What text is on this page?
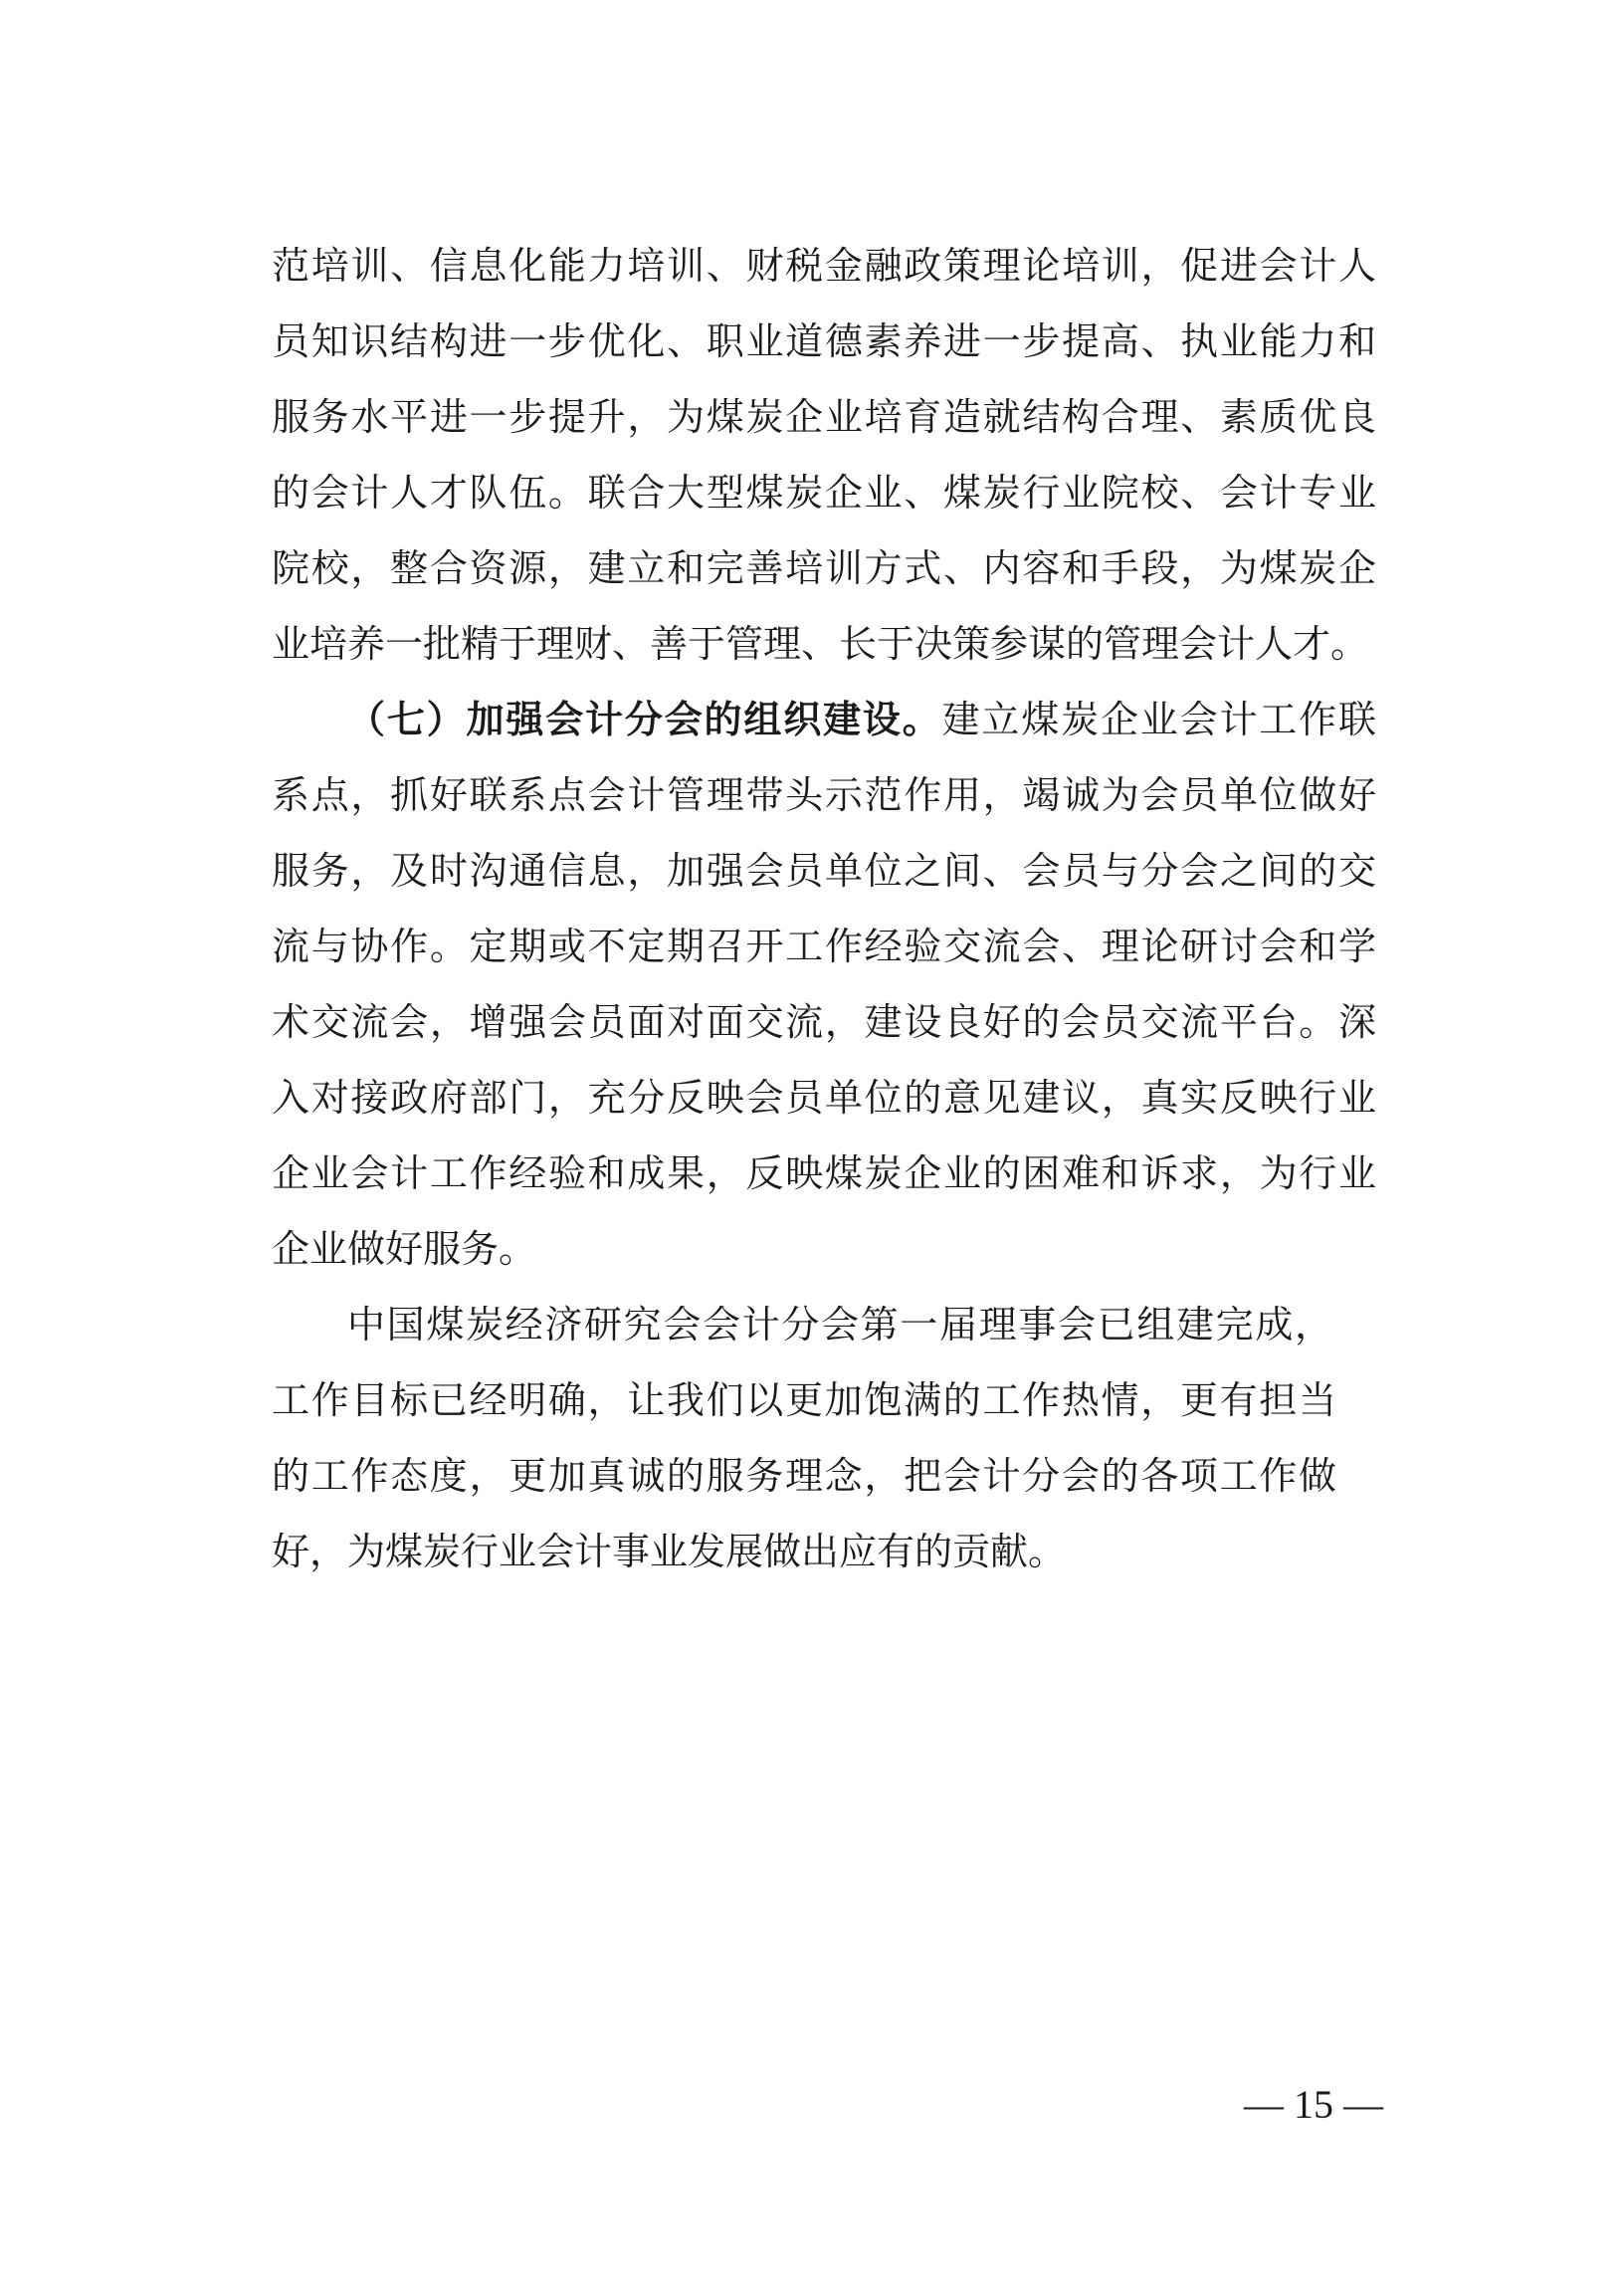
范培训、信息化能力培训、财税金融政策理论培训，促进会计人
员知识结构进一步优化、职业道德素养进一步提高、执业能力和
服务水平进一步提升，为煤炭企业培育造就结构合理、素质优良
的会计人才队伍。联合大型煤炭企业、煤炭行业院校、会计专业
院校，整合资源，建立和完善培训方式、内容和手段，为煤炭企
业培养一批精于理财、善于管理、长于决策参谋的管理会计人才。
（七）加强会计分会的组织建设。建立煤炭企业会计工作联
系点，抓好联系点会计管理带头示范作用，竭诚为会员单位做好
服务，及时沟通信息，加强会员单位之间、会员与分会之间的交
流与协作。定期或不定期召开工作经验交流会、理论研讨会和学
术交流会，增强会员面对面交流，建设良好的会员交流平台。深
入对接政府部门，充分反映会员单位的意见建议，真实反映行业
企业会计工作经验和成果，反映煤炭企业的困难和诉求，为行业
企业做好服务。
中国煤炭经济研究会会计分会第一届理事会已组建完成，
工作目标已经明确，让我们以更加饱满的工作热情，更有担当
的工作态度，更加真诚的服务理念，把会计分会的各项工作做
好，为煤炭行业会计事业发展做出应有的贡献。
— 15 —
